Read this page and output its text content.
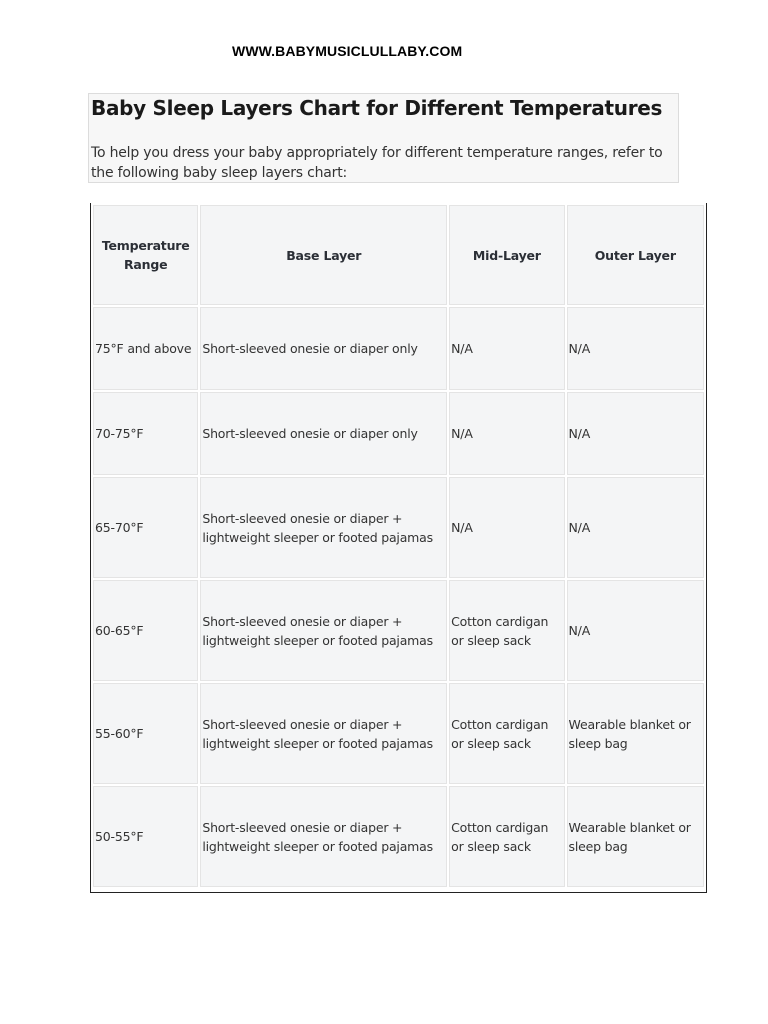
WWW.BABYMUSICLULLABY.COM
Baby Sleep Layers Chart for Different Temperatures

To help you dress your baby appropriately for different temperature ranges, refer to the following baby sleep layers chart:

Temperature Range	Base Layer	Mid-Layer	Outer Layer
75°F and above	Short-sleeved onesie or diaper only	N/A	N/A
70-75°F	Short-sleeved onesie or diaper only	N/A	N/A
65-70°F	Short-sleeved onesie or diaper + lightweight sleeper or footed pajamas	N/A	N/A
60-65°F	Short-sleeved onesie or diaper + lightweight sleeper or footed pajamas	Cotton cardigan or sleep sack	N/A
55-60°F	Short-sleeved onesie or diaper + lightweight sleeper or footed pajamas	Cotton cardigan or sleep sack	Wearable blanket or sleep bag
50-55°F	Short-sleeved onesie or diaper + lightweight sleeper or footed pajamas	Cotton cardigan or sleep sack	Wearable blanket or sleep bag
